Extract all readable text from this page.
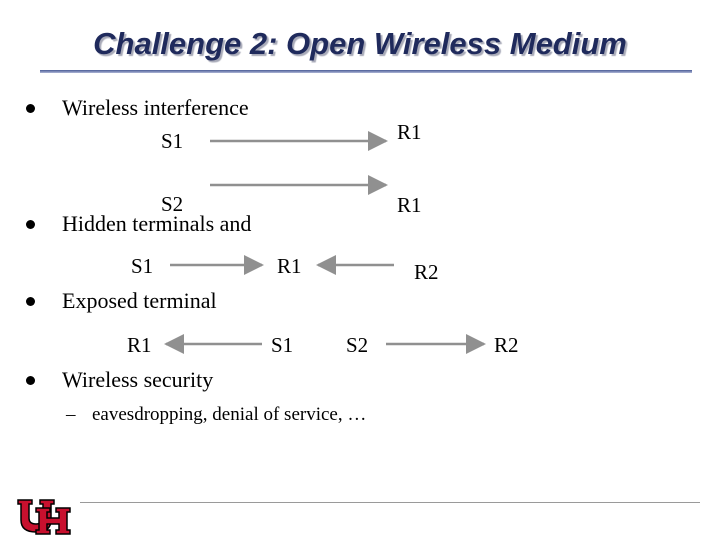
Challenge 2: Open Wireless Medium
Wireless interference
Hidden terminals and
Exposed terminal
Wireless security
– eavesdropping, denial of service, …
S1	R1
S2	R1
S1	R1	R2
R1	S1	S2	R2
